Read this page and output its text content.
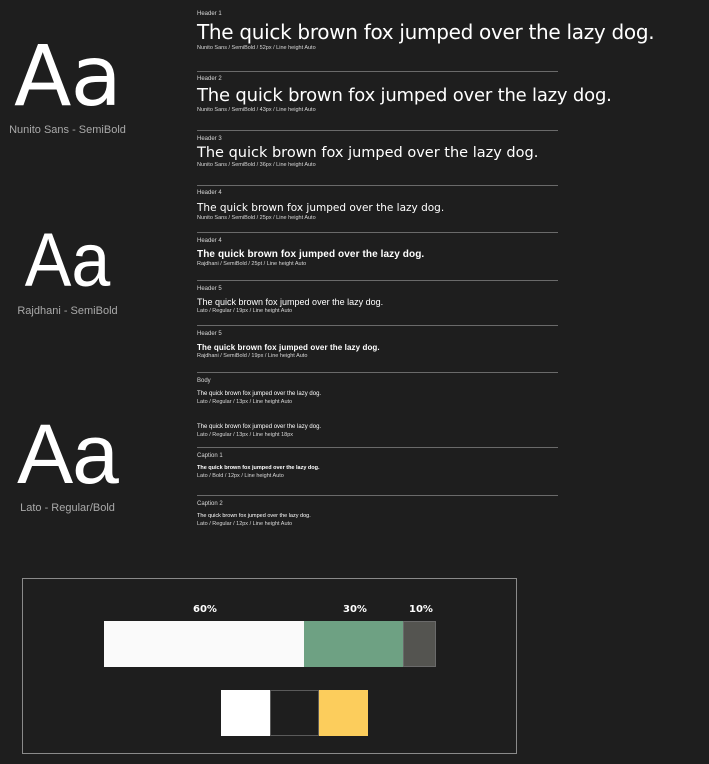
Aa
Nunito Sans - SemiBold
Aa
Rajdhani - SemiBold
Aa
Lato - Regular/Bold
Header 1
The quick brown fox jumped over the lazy dog.
Nunito Sans / SemiBold / 52px / Line height Auto
Header 2
The quick brown fox jumped over the lazy dog.
Nunito Sans / SemiBold / 43px / Line height Auto
Header 3
The quick brown fox jumped over the lazy dog.
Nunito Sans / SemiBold / 36px / Line height Auto
Header 4
The quick brown fox jumped over the lazy dog.
Nunito Sans / SemiBold / 25px / Line height Auto
Header 4
The quick brown fox jumped over the lazy dog.
Rajdhani / SemiBold / 25pt / Line height Auto
Header 5
The quick brown fox jumped over the lazy dog.
Lato / Regular / 19px / Line height Auto
Header 5
The quick brown fox jumped over the lazy dog.
Rajdhani / SemiBold / 19px / Line height Auto
Body
The quick brown fox jumped over the lazy dog.
Lato / Regular / 13px / Line height Auto
The quick brown fox jumped over the lazy dog.
Lato / Regular / 13px / Line height 18px
Caption 1
The quick brown fox jumped over the lazy dog.
Lato / Bold / 12px / Line height Auto
Caption 2
The quick brown fox jumped over the lazy dog.
Lato / Regular / 12px / Line height Auto
60%	30%	10%
